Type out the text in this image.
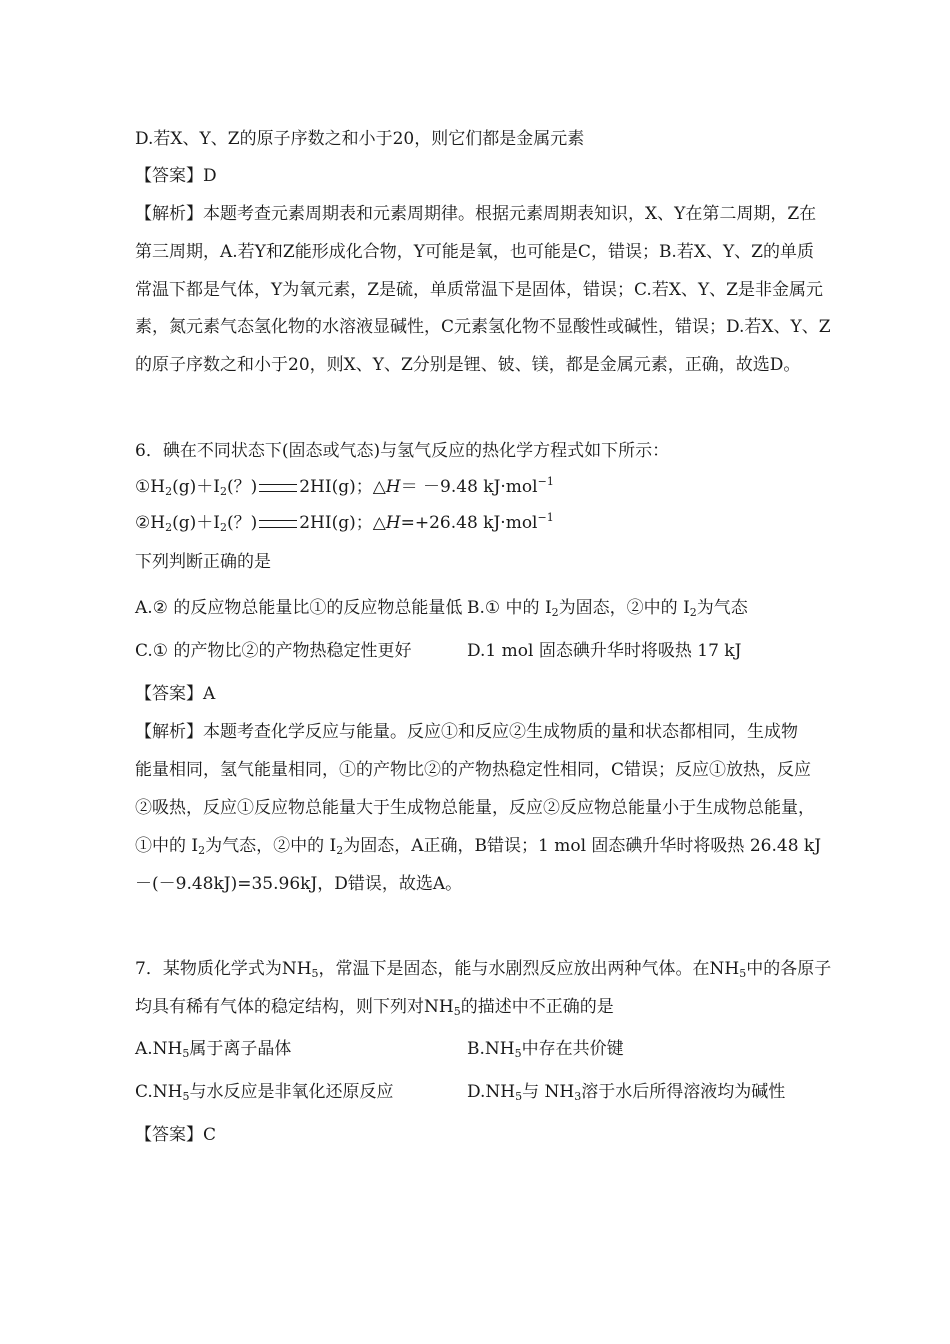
D.若X、Y、Z的原子序数之和小于20，则它们都是金属元素
【答案】D
【解析】本题考查元素周期表和元素周期律。根据元素周期表知识，X、Y在第二周期，Z在
第三周期，A.若Y和Z能形成化合物，Y可能是氧，也可能是C，错误；B.若X、Y、Z的单质
常温下都是气体，Y为氧元素，Z是硫，单质常温下是固体，错误；C.若X、Y、Z是非金属元
素，氮元素气态氢化物的水溶液显碱性，C元素氢化物不显酸性或碱性，错误；D.若X、Y、Z
的原子序数之和小于20，则X、Y、Z分别是锂、铍、镁，都是金属元素，正确，故选D。
6．碘在不同状态下(固态或气态)与氢气反应的热化学方程式如下所示：
$①H_2(g)+I_2$(？) 2HI(g)；△H＝ －9.48 kJ·mol$^{-1}$
$②H_2(g)+I_2$(？) 2HI(g)；△H=+26.48 kJ·mol$^{-1}$
下列判断正确的是
A.② 的反应物总能量比①的反应物总能量低 B.① 中的 $I_2$为固态，②中的 $I_2$为气态
C.① 的产物比②的产物热稳定性更好	D.1 mol 固态碘升华时将吸热 17 kJ
【答案】A
【解析】本题考查化学反应与能量。反应①和反应②生成物质的量和状态都相同，生成物
能量相同，氢气能量相同，①的产物比②的产物热稳定性相同，C错误；反应①放热，反应
②吸热，反应①反应物总能量大于生成物总能量，反应②反应物总能量小于生成物总能量，
①中的 $I_2$为气态，②中的 $I_2$为固态，A正确，B错误；1 mol 固态碘升华时将吸热 26.48 kJ
－(－9.48kJ)=35.96kJ，D错误，故选A。
7．某物质化学式为$NH_5$，常温下是固态，能与水剧烈反应放出两种气体。在$NH_5$中的各原子
均具有稀有气体的稳定结构，则下列对$NH_5$的描述中不正确的是
$A.NH_5$属于离子晶体	$B.NH_5$中存在共价键
$C.NH_5$与水反应是非氧化还原反应	$D.NH_5$与 $NH_3$溶于水后所得溶液均为碱性
【答案】C
